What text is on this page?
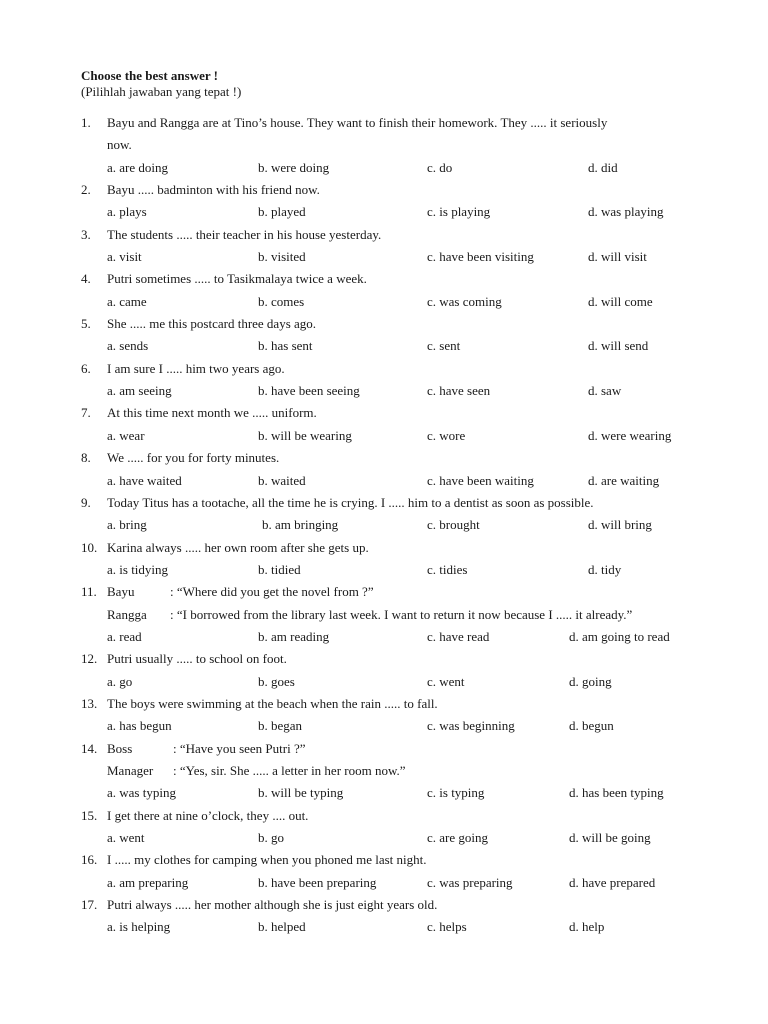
Choose the best answer !
(Pilihlah jawaban yang tepat !)
1. Bayu and Rangga are at Tino’s house. They want to finish their homework. They ..... it seriously
now.
a. are doing	b. were doing	c. do	d. did
2. Bayu ..... badminton with his friend now.
a. plays	b. played	c. is playing	d. was playing
3. The students ..... their teacher in his house yesterday.
a. visit	b. visited	c. have been visiting	d. will visit
4. Putri sometimes ..... to Tasikmalaya twice a week.
a. came	b. comes	c. was coming	d. will come
5. She ..... me this postcard three days ago.
a. sends	b. has sent	c. sent	d. will send
6. I am sure I ..... him two years ago.
a. am seeing	b. have been seeing	c. have seen	d. saw
7. At this time next month we ..... uniform.
a. wear	b. will be wearing	c. wore	d. were wearing
8. We ..... for you for forty minutes.
a. have waited	b. waited	c. have been waiting	d. are waiting
9. Today Titus has a tootache, all the time he is crying. I ..... him to a dentist as soon as possible.
a. bring	b. am bringing	c. brought	d. will bring
10. Karina always ..... her own room after she gets up.
a. is tidying	b. tidied	c. tidies	d. tidy
11. Bayu	: “Where did you get the novel from ?”
Rangga : “I borrowed from the library last week. I want to return it now because I ..... it already.”
a. read	b. am reading	c. have read	d. am going to read
12. Putri usually ..... to school on foot.
a. go	b. goes	c. went	d. going
13. The boys were swimming at the beach when the rain ..... to fall.
a. has begun	b. began	c. was beginning	d. begun
14. Boss	: “Have you seen Putri ?”
Manager : “Yes, sir. She ..... a letter in her room now.”
a. was typing	b. will be typing	c. is typing	d. has been typing
15. I get there at nine o’clock, they .... out.
a. went	b. go	c. are going	d. will be going
16. I ..... my clothes for camping when you phoned me last night.
a. am preparing	b. have been preparing	c. was preparing	d. have prepared
17. Putri always ..... her mother although she is just eight years old.
a. is helping	b. helped	c. helps	d. help
